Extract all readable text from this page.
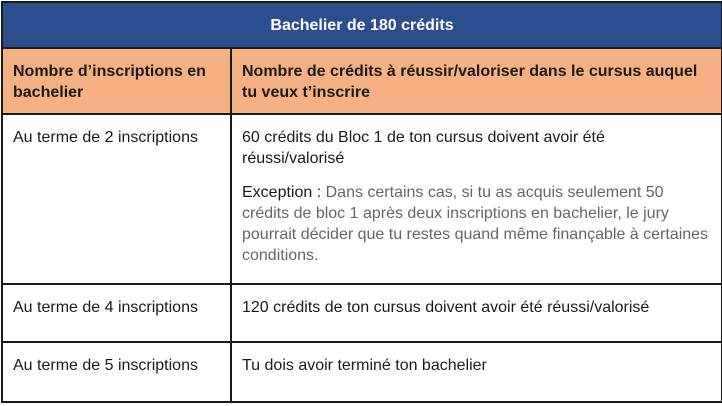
Bachelier de 180 crédits	
Nombre d’inscriptions en bachelier	Nombre de crédits à réussir/valoriser dans le cursus auquel tu veux t’inscrire
Au terme de 2 inscriptions	60 crédits du Bloc 1 de ton cursus doivent avoir été réussi/valorisé

Exception : Dans certains cas, si tu as acquis seulement 50 crédits de bloc 1 après deux inscriptions en bachelier, le jury pourrait décider que tu restes quand même finançable à certaines conditions.

Au terme de 4 inscriptions	120 crédits de ton cursus doivent avoir été réussi/valorisé
Au terme de 5 inscriptions	Tu dois avoir terminé ton bachelier
